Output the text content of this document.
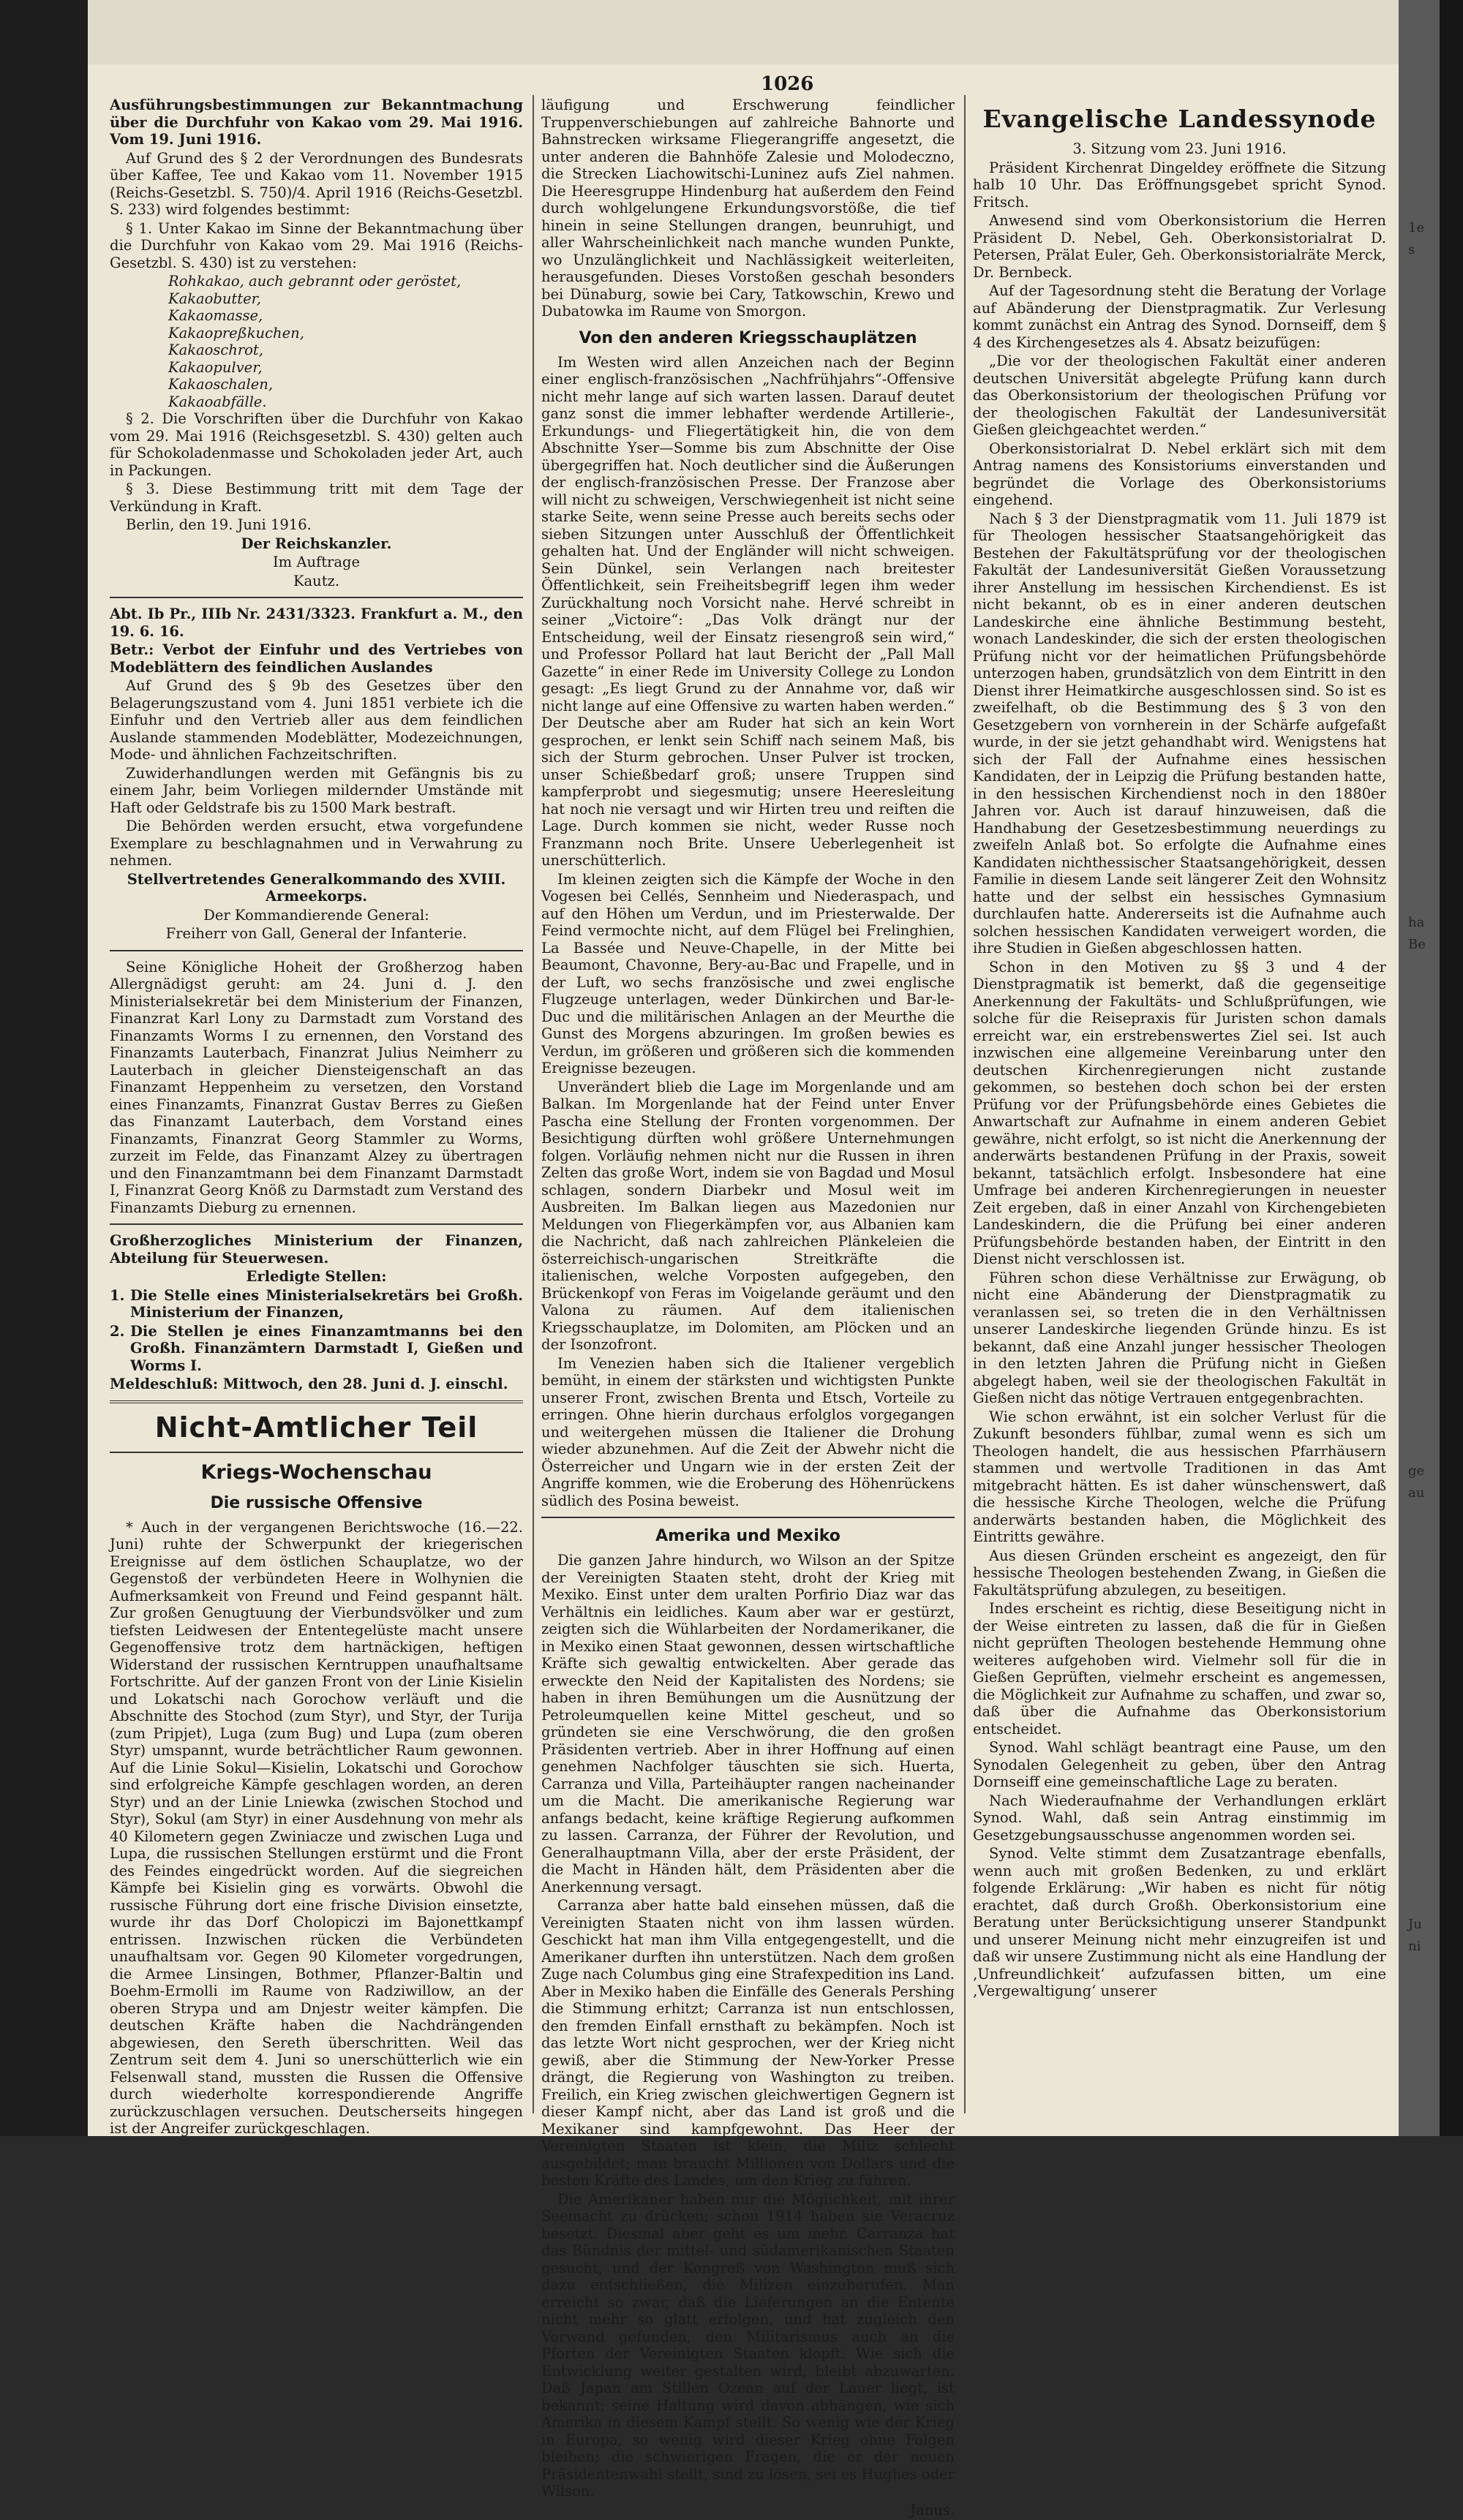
1026

Ausführungsbestimmungen zur Bekanntmachung über die Durchfuhr von Kakao vom 29. Mai 1916. Vom 19. Juni 1916.

Auf Grund des § 2 der Verordnungen des Bundesrats über Kaffee, Tee und Kakao vom 11. November 1915 (Reichs-Gesetzbl. S. 750)/4. April 1916 (Reichs-Gesetzbl. S. 233) wird folgendes bestimmt:

§ 1. Unter Kakao im Sinne der Bekanntmachung über die Durchfuhr von Kakao vom 29. Mai 1916 (Reichs-Gesetzbl. S. 430) ist zu verstehen:

Rohkakao, auch gebrannt oder geröstet,
Kakaobutter,
Kakaomasse,
Kakaopreßkuchen,
Kakaoschrot,
Kakaopulver,
Kakaoschalen,
Kakaoabfälle.

§ 2. Die Vorschriften über die Durchfuhr von Kakao vom 29. Mai 1916 (Reichsgesetzbl. S. 430) gelten auch für Schokoladenmasse und Schokoladen jeder Art, auch in Packungen.

§ 3. Diese Bestimmung tritt mit dem Tage der Verkündung in Kraft.

Berlin, den 19. Juni 1916.

Der Reichskanzler.

Im Auftrage

Kautz.

Abt. Ib Pr., IIIb Nr. 2431/3323. Frankfurt a. M., den 19. 6. 16.

Betr.: Verbot der Einfuhr und des Vertriebes von Modeblättern des feindlichen Auslandes

Auf Grund des § 9b des Gesetzes über den Belagerungszustand vom 4. Juni 1851 verbiete ich die Einfuhr und den Vertrieb aller aus dem feindlichen Auslande stammenden Modeblätter, Modezeichnungen, Mode- und ähnlichen Fachzeitschriften.

Zuwiderhandlungen werden mit Gefängnis bis zu einem Jahr, beim Vorliegen mildernder Umstände mit Haft oder Geldstrafe bis zu 1500 Mark bestraft.

Die Behörden werden ersucht, etwa vorgefundene Exemplare zu beschlagnahmen und in Verwahrung zu nehmen.

Stellvertretendes Generalkommando des XVIII. Armeekorps.

Der Kommandierende General:

Freiherr von Gall, General der Infanterie.

Seine Königliche Hoheit der Großherzog haben Allergnädigst geruht: am 24. Juni d. J. den Ministerialsekretär bei dem Ministerium der Finanzen, Finanzrat Karl Lony zu Darmstadt zum Vorstand des Finanzamts Worms I zu ernennen, den Vorstand des Finanzamts Lauterbach, Finanzrat Julius Neimherr zu Lauterbach in gleicher Diensteigenschaft an das Finanzamt Heppenheim zu versetzen, den Vorstand eines Finanzamts, Finanzrat Gustav Berres zu Gießen das Finanzamt Lauterbach, dem Vorstand eines Finanzamts, Finanzrat Georg Stammler zu Worms, zurzeit im Felde, das Finanzamt Alzey zu übertragen und den Finanzamtmann bei dem Finanzamt Darmstadt I, Finanzrat Georg Knöß zu Darmstadt zum Verstand des Finanzamts Dieburg zu ernennen.

Großherzogliches Ministerium der Finanzen, Abteilung für Steuerwesen.

Erledigte Stellen:

1. Die Stelle eines Ministerialsekretärs bei Großh. Ministerium der Finanzen,

2. Die Stellen je eines Finanzamtmanns bei den Großh. Finanzämtern Darmstadt I, Gießen und Worms I.

Meldeschluß: Mittwoch, den 28. Juni d. J. einschl.

Nicht-Amtlicher Teil
Kriegs-Wochenschau
Die russische Offensive

* Auch in der vergangenen Berichtswoche (16.—22. Juni) ruhte der Schwerpunkt der kriegerischen Ereignisse auf dem östlichen Schauplatze, wo der Gegenstoß der verbündeten Heere in Wolhynien die Aufmerksamkeit von Freund und Feind gespannt hält. Zur großen Genugtuung der Vierbundsvölker und zum tiefsten Leidwesen der Ententegelüste macht unsere Gegenoffensive trotz dem hartnäckigen, heftigen Widerstand der russischen Kerntruppen unaufhaltsame Fortschritte. Auf der ganzen Front von der Linie Kisielin und Lokatschi nach Gorochow verläuft und die Abschnitte des Stochod (zum Styr), und Styr, der Turija (zum Pripjet), Luga (zum Bug) und Lupa (zum oberen Styr) umspannt, wurde beträchtlicher Raum gewonnen. Auf die Linie Sokul—Kisielin, Lokatschi und Gorochow sind erfolgreiche Kämpfe geschlagen worden, an deren Styr) und an der Linie Lniewka (zwischen Stochod und Styr), Sokul (am Styr) in einer Ausdehnung von mehr als 40 Kilometern gegen Zwiniacze und zwischen Luga und Lupa, die russischen Stellungen erstürmt und die Front des Feindes eingedrückt worden. Auf die siegreichen Kämpfe bei Kisielin ging es vorwärts. Obwohl die russische Führung dort eine frische Division einsetzte, wurde ihr das Dorf Cholopiczi im Bajonettkampf entrissen. Inzwischen rücken die Verbündeten unaufhaltsam vor. Gegen 90 Kilometer vorgedrungen, die Armee Linsingen, Bothmer, Pflanzer-Baltin und Boehm-Ermolli im Raume von Radziwillow, an der oberen Strypa und am Dnjestr weiter kämpfen. Die deutschen Kräfte haben die Nachdrängenden abgewiesen, den Sereth überschritten. Weil das Zentrum seit dem 4. Juni so unerschütterlich wie ein Felsenwall stand, mussten die Russen die Offensive durch wiederholte korrespondierende Angriffe zurückzuschlagen versuchen. Deutscherseits hingegen ist der Angreifer zurückgeschlagen.

läufigung und Erschwerung feindlicher Truppenverschiebungen auf zahlreiche Bahnorte und Bahnstrecken wirksame Fliegerangriffe angesetzt, die unter anderen die Bahnhöfe Zalesie und Molodeczno, die Strecken Liachowitschi-Luninez aufs Ziel nahmen. Die Heeresgruppe Hindenburg hat außerdem den Feind durch wohlgelungene Erkundungsvorstöße, die tief hinein in seine Stellungen drangen, beunruhigt, und aller Wahrscheinlichkeit nach manche wunden Punkte, wo Unzulänglichkeit und Nachlässigkeit weiterleiten, herausgefunden. Dieses Vorstoßen geschah besonders bei Dünaburg, sowie bei Cary, Tatkowschin, Krewo und Dubatowka im Raume von Smorgon.

Von den anderen Kriegsschauplätzen

Im Westen wird allen Anzeichen nach der Beginn einer englisch-französischen „Nachfrühjahrs“-Offensive nicht mehr lange auf sich warten lassen. Darauf deutet ganz sonst die immer lebhafter werdende Artillerie-, Erkundungs- und Fliegertätigkeit hin, die von dem Abschnitte Yser—Somme bis zum Abschnitte der Oise übergegriffen hat. Noch deutlicher sind die Äußerungen der englisch-französischen Presse. Der Franzose aber will nicht zu schweigen, Verschwiegenheit ist nicht seine starke Seite, wenn seine Presse auch bereits sechs oder sieben Sitzungen unter Ausschluß der Öffentlichkeit gehalten hat. Und der Engländer will nicht schweigen. Sein Dünkel, sein Verlangen nach breitester Öffentlichkeit, sein Freiheitsbegriff legen ihm weder Zurückhaltung noch Vorsicht nahe. Hervé schreibt in seiner „Victoire“: „Das Volk drängt nur der Entscheidung, weil der Einsatz riesengroß sein wird,“ und Professor Pollard hat laut Bericht der „Pall Mall Gazette“ in einer Rede im University College zu London gesagt: „Es liegt Grund zu der Annahme vor, daß wir nicht lange auf eine Offensive zu warten haben werden.“ Der Deutsche aber am Ruder hat sich an kein Wort gesprochen, er lenkt sein Schiff nach seinem Maß, bis sich der Sturm gebrochen. Unser Pulver ist trocken, unser Schießbedarf groß; unsere Truppen sind kampferprobt und siegesmutig; unsere Heeresleitung hat noch nie versagt und wir Hirten treu und reiften die Lage. Durch kommen sie nicht, weder Russe noch Franzmann noch Brite. Unsere Ueberlegenheit ist unerschütterlich.

Im kleinen zeigten sich die Kämpfe der Woche in den Vogesen bei Cellés, Sennheim und Niederaspach, und auf den Höhen um Verdun, und im Priesterwalde. Der Feind vermochte nicht, auf dem Flügel bei Frelinghien, La Bassée und Neuve-Chapelle, in der Mitte bei Beaumont, Chavonne, Bery-au-Bac und Frapelle, und in der Luft, wo sechs französische und zwei englische Flugzeuge unterlagen, weder Dünkirchen und Bar-le-Duc und die militärischen Anlagen an der Meurthe die Gunst des Morgens abzuringen. Im großen bewies es Verdun, im größeren und größeren sich die kommenden Ereignisse bezeugen.

Unverändert blieb die Lage im Morgenlande und am Balkan. Im Morgenlande hat der Feind unter Enver Pascha eine Stellung der Fronten vorgenommen. Der Besichtigung dürften wohl größere Unternehmungen folgen. Vorläufig nehmen nicht nur die Russen in ihren Zelten das große Wort, indem sie von Bagdad und Mosul schlagen, sondern Diarbekr und Mosul weit im Ausbreiten. Im Balkan liegen aus Mazedonien nur Meldungen von Fliegerkämpfen vor, aus Albanien kam die Nachricht, daß nach zahlreichen Plänkeleien die österreichisch-ungarischen Streitkräfte die italienischen, welche Vorposten aufgegeben, den Brückenkopf von Feras im Voigelande geräumt und den Valona zu räumen. Auf dem italienischen Kriegsschauplatze, im Dolomiten, am Plöcken und an der Isonzofront.

Im Venezien haben sich die Italiener vergeblich bemüht, in einem der stärksten und wichtigsten Punkte unserer Front, zwischen Brenta und Etsch, Vorteile zu erringen. Ohne hierin durchaus erfolglos vorgegangen und weitergehen müssen die Italiener die Drohung wieder abzunehmen. Auf die Zeit der Abwehr nicht die Österreicher und Ungarn wie in der ersten Zeit der Angriffe kommen, wie die Eroberung des Höhenrückens südlich des Posina beweist.

Amerika und Mexiko

Die ganzen Jahre hindurch, wo Wilson an der Spitze der Vereinigten Staaten steht, droht der Krieg mit Mexiko. Einst unter dem uralten Porfirio Diaz war das Verhältnis ein leidliches. Kaum aber war er gestürzt, zeigten sich die Wühlarbeiten der Nordamerikaner, die in Mexiko einen Staat gewonnen, dessen wirtschaftliche Kräfte sich gewaltig entwickelten. Aber gerade das erweckte den Neid der Kapitalisten des Nordens; sie haben in ihren Bemühungen um die Ausnützung der Petroleumquellen keine Mittel gescheut, und so gründeten sie eine Verschwörung, die den großen Präsidenten vertrieb. Aber in ihrer Hoffnung auf einen genehmen Nachfolger täuschten sie sich. Huerta, Carranza und Villa, Parteihäupter rangen nacheinander um die Macht. Die amerikanische Regierung war anfangs bedacht, keine kräftige Regierung aufkommen zu lassen. Carranza, der Führer der Revolution, und Generalhauptmann Villa, aber der erste Präsident, der die Macht in Händen hält, dem Präsidenten aber die Anerkennung versagt.

Carranza aber hatte bald einsehen müssen, daß die Vereinigten Staaten nicht von ihm lassen würden. Geschickt hat man ihm Villa entgegengestellt, und die Amerikaner durften ihn unterstützen. Nach dem großen Zuge nach Columbus ging eine Strafexpedition ins Land. Aber in Mexiko haben die Einfälle des Generals Pershing die Stimmung erhitzt; Carranza ist nun entschlossen, den fremden Einfall ernsthaft zu bekämpfen. Noch ist das letzte Wort nicht gesprochen, wer der Krieg nicht gewiß, aber die Stimmung der New-Yorker Presse drängt, die Regierung von Washington zu treiben. Freilich, ein Krieg zwischen gleichwertigen Gegnern ist dieser Kampf nicht, aber das Land ist groß und die Mexikaner sind kampfgewohnt. Das Heer der Vereinigten Staaten ist klein, die Miliz schlecht ausgebildet; man braucht Millionen von Dollars und die besten Kräfte des Landes, um den Krieg zu führen.

Die Amerikaner haben nur die Möglichkeit, mit ihrer Seemacht zu drücken; schon 1914 haben sie Veracruz besetzt. Diesmal aber geht es um mehr. Carranza hat das Bündnis der mittel- und südamerikanischen Staaten gesucht, und der Kongreß von Washington muß sich dazu entschließen, die Milizen einzuberufen. Man erreicht so zwar, daß die Lieferungen an die Entente nicht mehr so glatt erfolgen, und hat zugleich den Vorwand gefunden, den Militarismus auch an die Pforten der Vereinigten Staaten klopft. Wie sich die Entwicklung weiter gestalten wird, bleibt abzuwarten. Daß Japan am Stillen Ozean auf der Lauer liegt, ist bekannt; seine Haltung wird davon abhängen, wie sich Amerika in diesem Kampf stellt. So wenig wie der Krieg in Europa, so wenig wird dieser Krieg ohne Folgen bleiben; die schwierigen Fragen, die er der neuen Präsidentenwahl stellt, sind zu lösen, sei es Hughes oder Wilson.

Janus.

Evangelische Landessynode

3. Sitzung vom 23. Juni 1916.

Präsident Kirchenrat Dingeldey eröffnete die Sitzung halb 10 Uhr. Das Eröffnungsgebet spricht Synod. Fritsch.

Anwesend sind vom Oberkonsistorium die Herren Präsident D. Nebel, Geh. Oberkonsistorialrat D. Petersen, Prälat Euler, Geh. Oberkonsistorialräte Merck, Dr. Bernbeck.

Auf der Tagesordnung steht die Beratung der Vorlage auf Abänderung der Dienstpragmatik. Zur Verlesung kommt zunächst ein Antrag des Synod. Dornseiff, dem § 4 des Kirchengesetzes als 4. Absatz beizufügen:

„Die vor der theologischen Fakultät einer anderen deutschen Universität abgelegte Prüfung kann durch das Oberkonsistorium der theologischen Prüfung vor der theologischen Fakultät der Landesuniversität Gießen gleichgeachtet werden.“

Oberkonsistorialrat D. Nebel erklärt sich mit dem Antrag namens des Konsistoriums einverstanden und begründet die Vorlage des Oberkonsistoriums eingehend.

Nach § 3 der Dienstpragmatik vom 11. Juli 1879 ist für Theologen hessischer Staatsangehörigkeit das Bestehen der Fakultätsprüfung vor der theologischen Fakultät der Landesuniversität Gießen Voraussetzung ihrer Anstellung im hessischen Kirchendienst. Es ist nicht bekannt, ob es in einer anderen deutschen Landeskirche eine ähnliche Bestimmung besteht, wonach Landeskinder, die sich der ersten theologischen Prüfung nicht vor der heimatlichen Prüfungsbehörde unterzogen haben, grundsätzlich von dem Eintritt in den Dienst ihrer Heimatkirche ausgeschlossen sind. So ist es zweifelhaft, ob die Bestimmung des § 3 von den Gesetzgebern von vornherein in der Schärfe aufgefaßt wurde, in der sie jetzt gehandhabt wird. Wenigstens hat sich der Fall der Aufnahme eines hessischen Kandidaten, der in Leipzig die Prüfung bestanden hatte, in den hessischen Kirchendienst noch in den 1880er Jahren vor. Auch ist darauf hinzuweisen, daß die Handhabung der Gesetzesbestimmung neuerdings zu zweifeln Anlaß bot. So erfolgte die Aufnahme eines Kandidaten nichthessischer Staatsangehörigkeit, dessen Familie in diesem Lande seit längerer Zeit den Wohnsitz hatte und der selbst ein hessisches Gymnasium durchlaufen hatte. Andererseits ist die Aufnahme auch solchen hessischen Kandidaten verweigert worden, die ihre Studien in Gießen abgeschlossen hatten.

Schon in den Motiven zu §§ 3 und 4 der Dienstpragmatik ist bemerkt, daß die gegenseitige Anerkennung der Fakultäts- und Schlußprüfungen, wie solche für die Reisepraxis für Juristen schon damals erreicht war, ein erstrebenswertes Ziel sei. Ist auch inzwischen eine allgemeine Vereinbarung unter den deutschen Kirchenregierungen nicht zustande gekommen, so bestehen doch schon bei der ersten Prüfung vor der Prüfungsbehörde eines Gebietes die Anwartschaft zur Aufnahme in einem anderen Gebiet gewähre, nicht erfolgt, so ist nicht die Anerkennung der anderwärts bestandenen Prüfung in der Praxis, soweit bekannt, tatsächlich erfolgt. Insbesondere hat eine Umfrage bei anderen Kirchenregierungen in neuester Zeit ergeben, daß in einer Anzahl von Kirchengebieten Landeskindern, die die Prüfung bei einer anderen Prüfungsbehörde bestanden haben, der Eintritt in den Dienst nicht verschlossen ist.

Führen schon diese Verhältnisse zur Erwägung, ob nicht eine Abänderung der Dienstpragmatik zu veranlassen sei, so treten die in den Verhältnissen unserer Landeskirche liegenden Gründe hinzu. Es ist bekannt, daß eine Anzahl junger hessischer Theologen in den letzten Jahren die Prüfung nicht in Gießen abgelegt haben, weil sie der theologischen Fakultät in Gießen nicht das nötige Vertrauen entgegenbrachten.

Wie schon erwähnt, ist ein solcher Verlust für die Zukunft besonders fühlbar, zumal wenn es sich um Theologen handelt, die aus hessischen Pfarrhäusern stammen und wertvolle Traditionen in das Amt mitgebracht hätten. Es ist daher wünschenswert, daß die hessische Kirche Theologen, welche die Prüfung anderwärts bestanden haben, die Möglichkeit des Eintritts gewähre.

Aus diesen Gründen erscheint es angezeigt, den für hessische Theologen bestehenden Zwang, in Gießen die Fakultätsprüfung abzulegen, zu beseitigen.

Indes erscheint es richtig, diese Beseitigung nicht in der Weise eintreten zu lassen, daß die für in Gießen nicht geprüften Theologen bestehende Hemmung ohne weiteres aufgehoben wird. Vielmehr soll für die in Gießen Geprüften, vielmehr erscheint es angemessen, die Möglichkeit zur Aufnahme zu schaffen, und zwar so, daß über die Aufnahme das Oberkonsistorium entscheidet.

Synod. Wahl schlägt beantragt eine Pause, um den Synodalen Gelegenheit zu geben, über den Antrag Dornseiff eine gemeinschaftliche Lage zu beraten.

Nach Wiederaufnahme der Verhandlungen erklärt Synod. Wahl, daß sein Antrag einstimmig im Gesetzgebungsausschusse angenommen worden sei.

Synod. Velte stimmt dem Zusatzantrage ebenfalls, wenn auch mit großen Bedenken, zu und erklärt folgende Erklärung: „Wir haben es nicht für nötig erachtet, daß durch Großh. Oberkonsistorium eine Beratung unter Berücksichtigung unserer Standpunkt und unserer Meinung nicht mehr einzugreifen ist und daß wir unsere Zustimmung nicht als eine Handlung der ‚Unfreundlichkeit‘ aufzufassen bitten, um eine ‚Vergewaltigung‘ unserer

1e
s
ha
Be
ge
au
Ju
ni
